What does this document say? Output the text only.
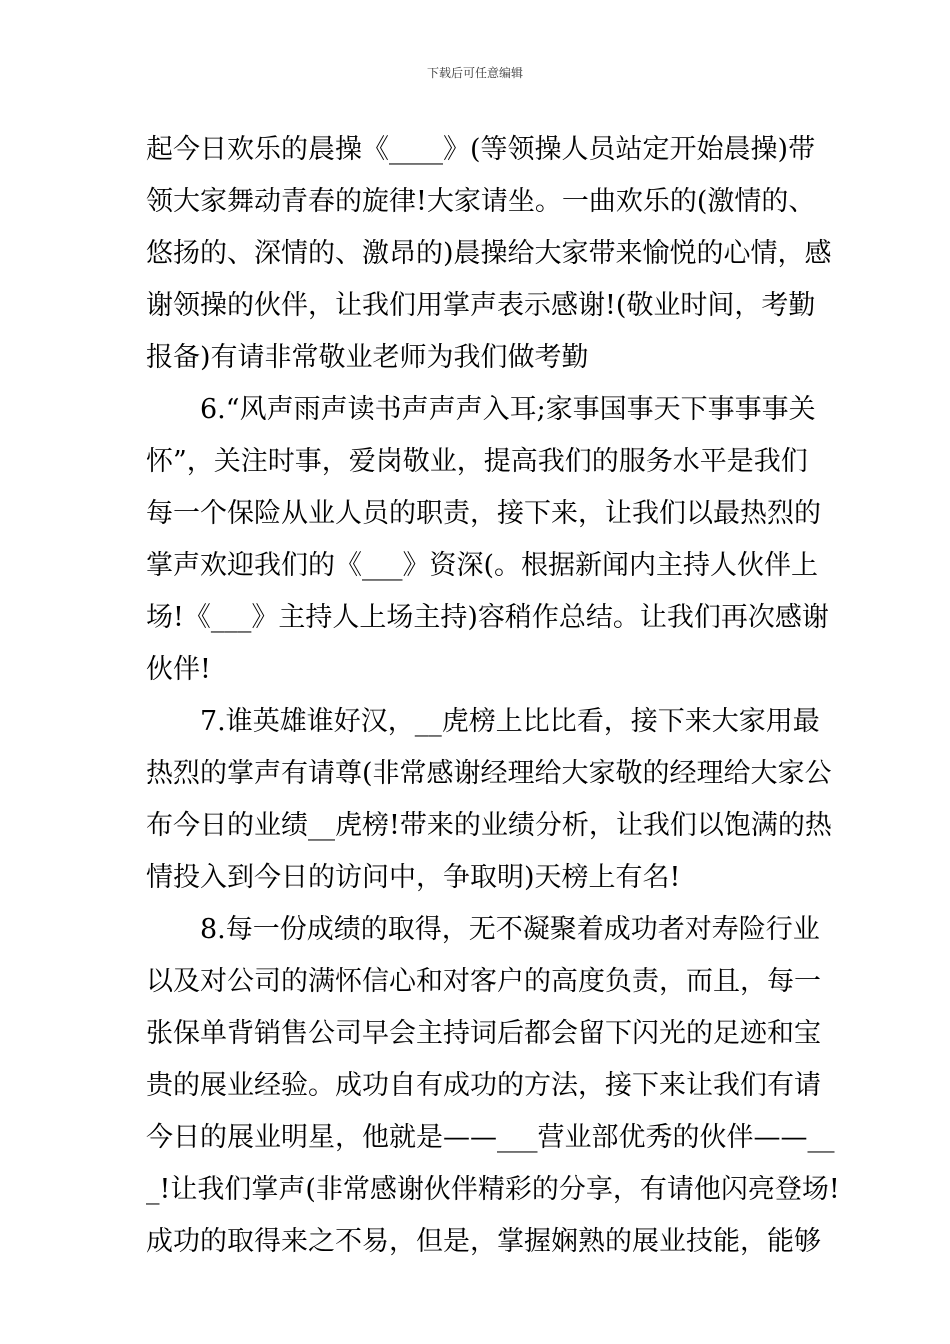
下载后可任意编辑
起今日欢乐的晨操《____》(等领操人员站定开始晨操)带
领大家舞动青春的旋律!大家请坐。一曲欢乐的(激情的、
悠扬的、深情的、激昂的)晨操给大家带来愉悦的心情，感
谢领操的伙伴，让我们用掌声表示感谢!(敬业时间，考勤
报备)有请非常敬业老师为我们做考勤
6.“风声雨声读书声声声入耳;家事国事天下事事事关
怀”，关注时事，爱岗敬业，提高我们的服务水平是我们
每一个保险从业人员的职责，接下来，让我们以最热烈的
掌声欢迎我们的《___》资深(。根据新闻内主持人伙伴上
场!《___》主持人上场主持)容稍作总结。让我们再次感谢
伙伴!
7.谁英雄谁好汉，__虎榜上比比看，接下来大家用最
热烈的掌声有请尊(非常感谢经理给大家敬的经理给大家公
布今日的业绩__虎榜!带来的业绩分析，让我们以饱满的热
情投入到今日的访问中，争取明)天榜上有名!
8.每一份成绩的取得，无不凝聚着成功者对寿险行业
以及对公司的满怀信心和对客户的高度负责，而且，每一
张保单背销售公司早会主持词后都会留下闪光的足迹和宝
贵的展业经验。成功自有成功的方法，接下来让我们有请
今日的展业明星，他就是——___营业部优秀的伙伴——__
_!让我们掌声(非常感谢伙伴精彩的分享，有请他闪亮登场!
成功的取得来之不易，但是，掌握娴熟的展业技能，能够
